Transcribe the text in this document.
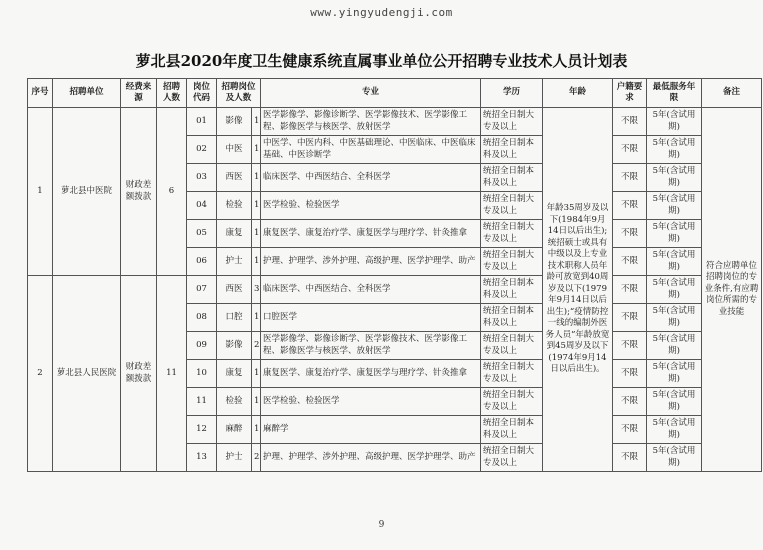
www.yingyudengji.com
萝北县2020年度卫生健康系统直属事业单位公开招聘专业技术人员计划表
序号	招聘单位	经费来源	招聘人数	岗位代码	招聘岗位及人数		专业	学历	年龄	户籍要求	最低服务年限	备注
1	萝北县中医院	财政差额拨款	6	01	影像	1	医学影像学、影像诊断学、医学影像技术、医学影像工程、影像医学与核医学、放射医学	统招全日制大专及以上	年龄35周岁及以下(1984年9月14日以后出生);统招硕士或具有中级以及上专业技术职称人员年龄可放宽到40周岁及以下(1979年9月14日以后出生);“疫情防控一线的编制外医务人员”年龄放宽到45周岁及以下(1974年9月14日以后出生)。	不限	5年(含试用期)	符合应聘单位招聘岗位的专业条件,有应聘岗位所需的专业技能
				02	中医	1	中医学、中医内科、中医基础理论、中医临床、中医临床基础、中医诊断学	统招全日制本科及以上		不限	5年(含试用期)	
				03	西医	1	临床医学、中西医结合、全科医学	统招全日制本科及以上		不限	5年(含试用期)	
				04	检验	1	医学检验、检验医学	统招全日制大专及以上		不限	5年(含试用期)	
				05	康复	1	康复医学、康复治疗学、康复医学与理疗学、针灸推拿	统招全日制大专及以上		不限	5年(含试用期)	
				06	护士	1	护理、护理学、涉外护理、高级护理、医学护理学、助产	统招全日制大专及以上		不限	5年(含试用期)	
2	萝北县人民医院	财政差额拨款	11	07	西医	3	临床医学、中西医结合、全科医学	统招全日制本科及以上		不限	5年(含试用期)	
				08	口腔	1	口腔医学	统招全日制本科及以上		不限	5年(含试用期)	
				09	影像	2	医学影像学、影像诊断学、医学影像技术、医学影像工程、影像医学与核医学、放射医学	统招全日制大专及以上		不限	5年(含试用期)	
				10	康复	1	康复医学、康复治疗学、康复医学与理疗学、针灸推拿	统招全日制大专及以上		不限	5年(含试用期)	
				11	检验	1	医学检验、检验医学	统招全日制大专及以上		不限	5年(含试用期)	
				12	麻醉	1	麻醉学	统招全日制本科及以上		不限	5年(含试用期)	
				13	护士	2	护理、护理学、涉外护理、高级护理、医学护理学、助产	统招全日制大专及以上		不限	5年(含试用期)	
9
